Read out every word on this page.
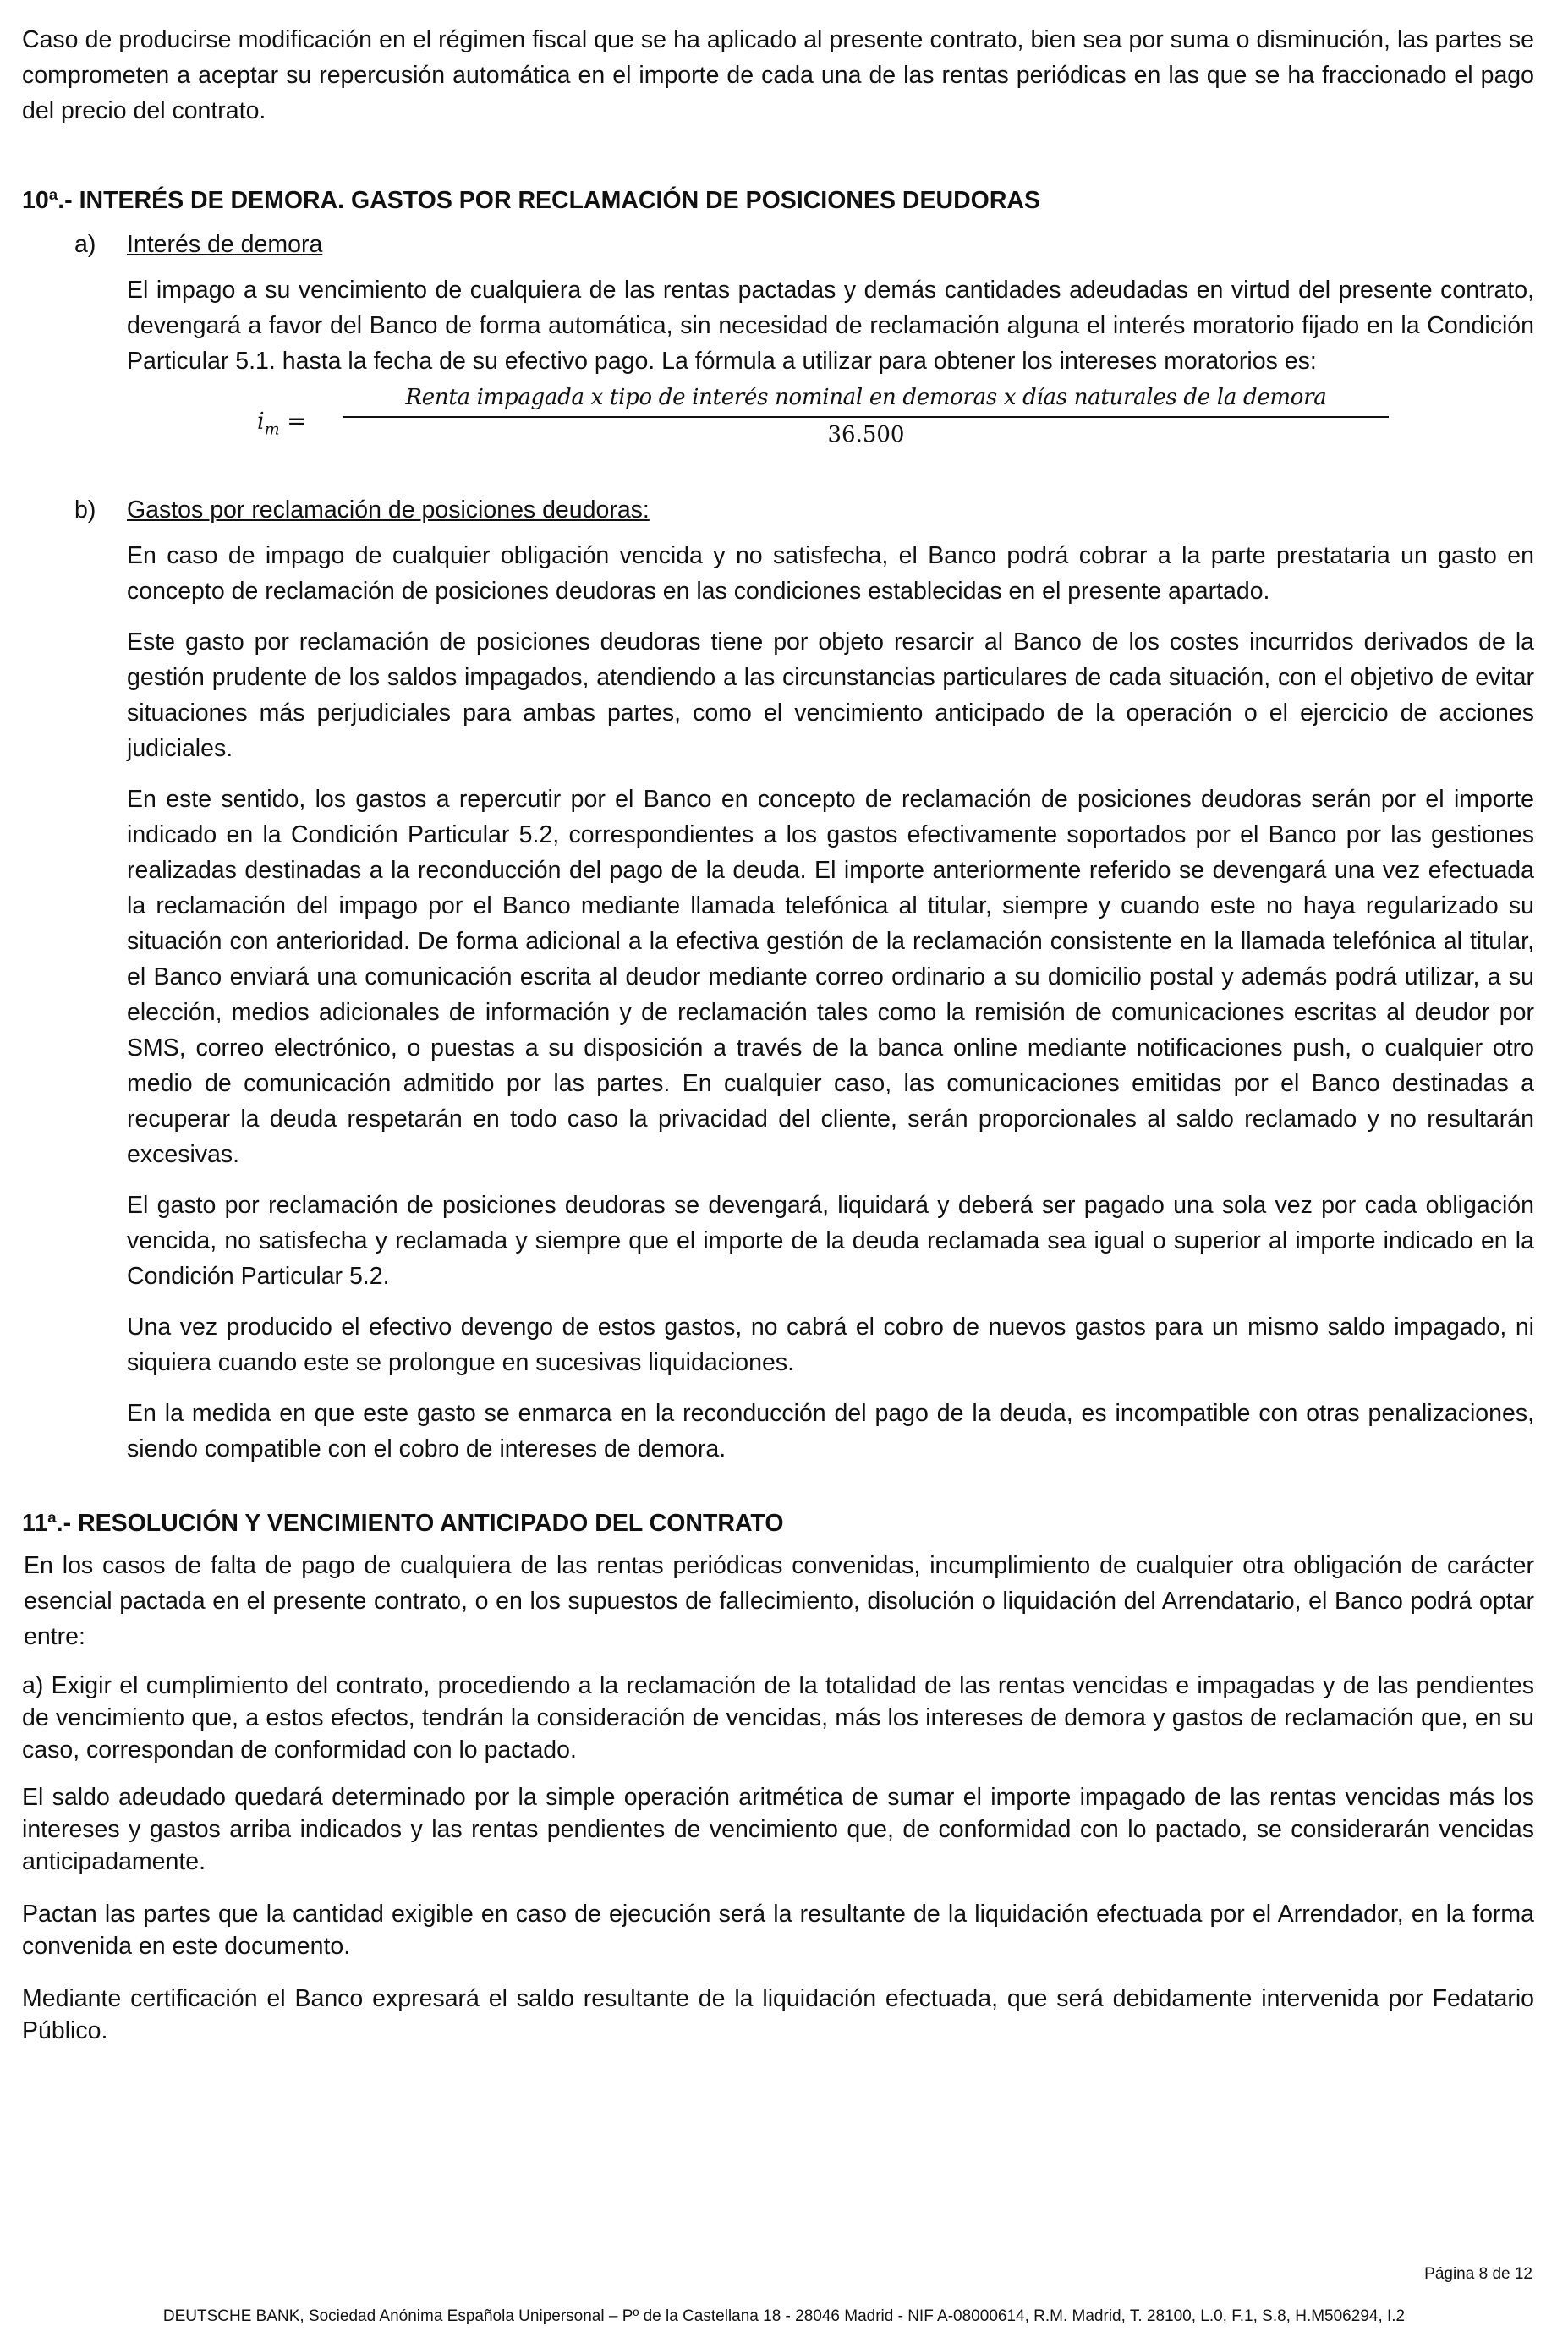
Caso de producirse modificación en el régimen fiscal que se ha aplicado al presente contrato, bien sea por suma o disminución, las partes se comprometen a aceptar su repercusión automática en el importe de cada una de las rentas periódicas en las que se ha fraccionado el pago del precio del contrato.

10ª.- INTERÉS DE DEMORA. GASTOS POR RECLAMACIÓN DE POSICIONES DEUDORAS
a)	Interés de demora

El impago a su vencimiento de cualquiera de las rentas pactadas y demás cantidades adeudadas en virtud del presente contrato, devengará a favor del Banco de forma automática, sin necesidad de reclamación alguna el interés moratorio fijado en la Condición Particular 5.1. hasta la fecha de su efectivo pago. La fórmula a utilizar para obtener los intereses moratorios es:

$i_m$ =
Renta impagada x tipo de interés nominal en demoras x días naturales de la demora
36.500
b)	Gastos por reclamación de posiciones deudoras:

En caso de impago de cualquier obligación vencida y no satisfecha, el Banco podrá cobrar a la parte prestataria un gasto en concepto de reclamación de posiciones deudoras en las condiciones establecidas en el presente apartado.

Este gasto por reclamación de posiciones deudoras tiene por objeto resarcir al Banco de los costes incurridos derivados de la gestión prudente de los saldos impagados, atendiendo a las circunstancias particulares de cada situación, con el objetivo de evitar situaciones más perjudiciales para ambas partes, como el vencimiento anticipado de la operación o el ejercicio de acciones judiciales.

En este sentido, los gastos a repercutir por el Banco en concepto de reclamación de posiciones deudoras serán por el importe indicado en la Condición Particular 5.2, correspondientes a los gastos efectivamente soportados por el Banco por las gestiones realizadas destinadas a la reconducción del pago de la deuda. El importe anteriormente referido se devengará una vez efectuada la reclamación del impago por el Banco mediante llamada telefónica al titular, siempre y cuando este no haya regularizado su situación con anterioridad. De forma adicional a la efectiva gestión de la reclamación consistente en la llamada telefónica al titular, el Banco enviará una comunicación escrita al deudor mediante correo ordinario a su domicilio postal y además podrá utilizar, a su elección, medios adicionales de información y de reclamación tales como la remisión de comunicaciones escritas al deudor por SMS, correo electrónico, o puestas a su disposición a través de la banca online mediante notificaciones push, o cualquier otro medio de comunicación admitido por las partes. En cualquier caso, las comunicaciones emitidas por el Banco destinadas a recuperar la deuda respetarán en todo caso la privacidad del cliente, serán proporcionales al saldo reclamado y no resultarán excesivas.

El gasto por reclamación de posiciones deudoras se devengará, liquidará y deberá ser pagado una sola vez por cada obligación vencida, no satisfecha y reclamada y siempre que el importe de la deuda reclamada sea igual o superior al importe indicado en la Condición Particular 5.2.

Una vez producido el efectivo devengo de estos gastos, no cabrá el cobro de nuevos gastos para un mismo saldo impagado, ni siquiera cuando este se prolongue en sucesivas liquidaciones.

En la medida en que este gasto se enmarca en la reconducción del pago de la deuda, es incompatible con otras penalizaciones, siendo compatible con el cobro de intereses de demora.

11ª.- RESOLUCIÓN Y VENCIMIENTO ANTICIPADO DEL CONTRATO

En los casos de falta de pago de cualquiera de las rentas periódicas convenidas, incumplimiento de cualquier otra obligación de carácter esencial pactada en el presente contrato, o en los supuestos de fallecimiento, disolución o liquidación del Arrendatario, el Banco podrá optar entre:

a) Exigir el cumplimiento del contrato, procediendo a la reclamación de la totalidad de las rentas vencidas e impagadas y de las pendientes de vencimiento que, a estos efectos, tendrán la consideración de vencidas, más los intereses de demora y gastos de reclamación que, en su caso, correspondan de conformidad con lo pactado.

El saldo adeudado quedará determinado por la simple operación aritmética de sumar el importe impagado de las rentas vencidas más los intereses y gastos arriba indicados y las rentas pendientes de vencimiento que, de conformidad con lo pactado, se considerarán vencidas anticipadamente.

Pactan las partes que la cantidad exigible en caso de ejecución será la resultante de la liquidación efectuada por el Arrendador, en la forma convenida en este documento.

Mediante certificación el Banco expresará el saldo resultante de la liquidación efectuada, que será debidamente intervenida por Fedatario Público.

Página 8 de 12
DEUTSCHE BANK, Sociedad Anónima Española Unipersonal – Pº de la Castellana 18 - 28046 Madrid - NIF A-08000614, R.M. Madrid, T. 28100, L.0, F.1, S.8, H.M506294, I.2
